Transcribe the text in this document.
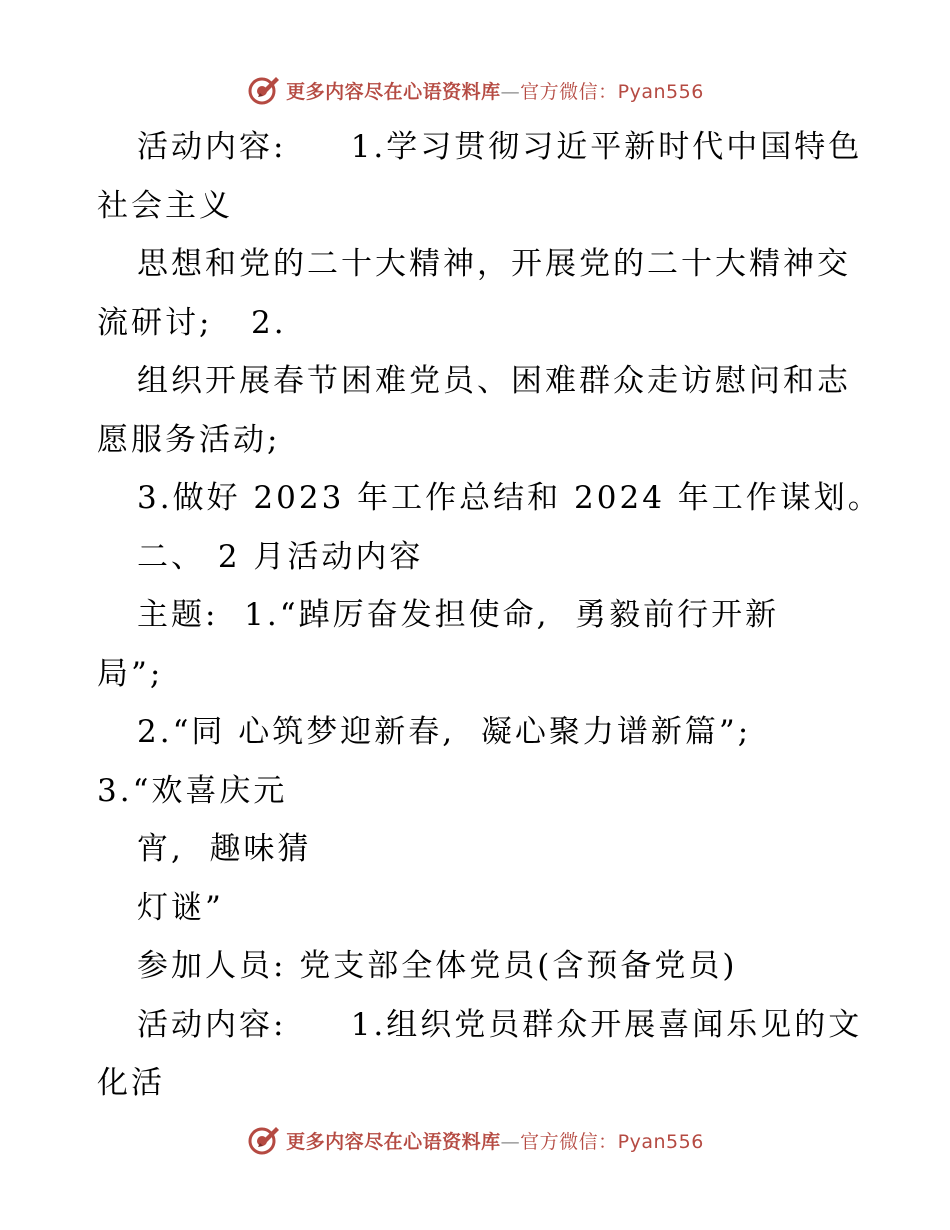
更多内容尽在心语资料库—官方微信：Pyan556
活动内容:     1.学习贯彻习近平新时代中国特色
社会主义
思想和党的二十大精神，开展党的二十大精神交
流研讨;   2.
组织开展春节困难党员、困难群众走访慰问和志
愿服务活动;
3.做好 2023 年工作总结和 2024 年工作谋划。
二、 2 月活动内容
主题:  1.“踔厉奋发担使命,  勇毅前行开新
局”;
2.“同 心筑梦迎新春,  凝心聚力谱新篇”;
3.“欢喜庆元
宵,  趣味猜
灯谜”
参加人员: 党支部全体党员(含预备党员)
活动内容:     1.组织党员群众开展喜闻乐见的文
化活
更多内容尽在心语资料库—官方微信：Pyan556
